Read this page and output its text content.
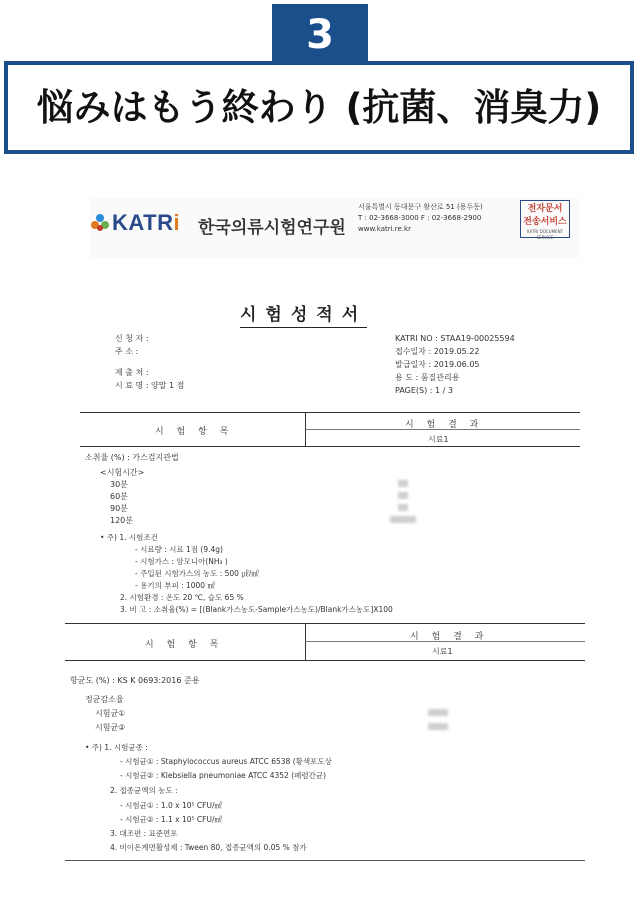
3
悩みはもう終わり (抗菌、消臭力)
KATRi 한국의류시험연구원
서울특별시 동대문구 왕산로 51 (용두동)
T : 02-3668-3000 F : 02-3668-2900
www.katri.re.kr
전자문서
전송서비스
KATRI DOCUMENT SERVICE
시험성적서
신 청 자 :
주 소 :
제 출 처 :
시 료 명 : 양말 1 점
KATRI NO : STAA19-00025594
접수일자 : 2019.05.22
발급일자 : 2019.06.05
용 도 : 품질관리용
PAGE(S) : 1 / 3
시 험 항 목
시 험 결 과
시료1
소취율 (%) : 가스검지관법
<시험시간>
30분
60분
90분
120분
• 주) 1. 시험조건
- 시료량 : 시료 1점 (9.4g)
- 시험가스 : 암모니아(NH₃ )
- 주입된 시험가스의 농도 : 500 ㎕/㎖
- 용기의 부피 : 1000 ㎖
2. 시험환경 : 온도 20 ℃, 습도 65 %
3. 비 고 : 소취율(%) = [(Blank가스농도-Sample가스농도)/Blank가스농도]X100
시 험 항 목
시 험 결 과
시료1
항균도 (%) : KS K 0693:2016 준용
정균감소율
시험균①
시험균②
• 주) 1. 시험균종 :
- 시험균① : Staphylococcus aureus ATCC 6538 (황색포도상
- 시험균② : Klebsiella pneumoniae ATCC 4352 (폐렴간균)
2. 접종균액의 농도 :
- 시험균① : 1.0 x 10⁵ CFU/㎖
- 시험균② : 1.1 x 10⁵ CFU/㎖
3. 대조편 : 표준면포
4. 비이온계면활성제 : Tween 80, 접종균액의 0.05 % 첨가
